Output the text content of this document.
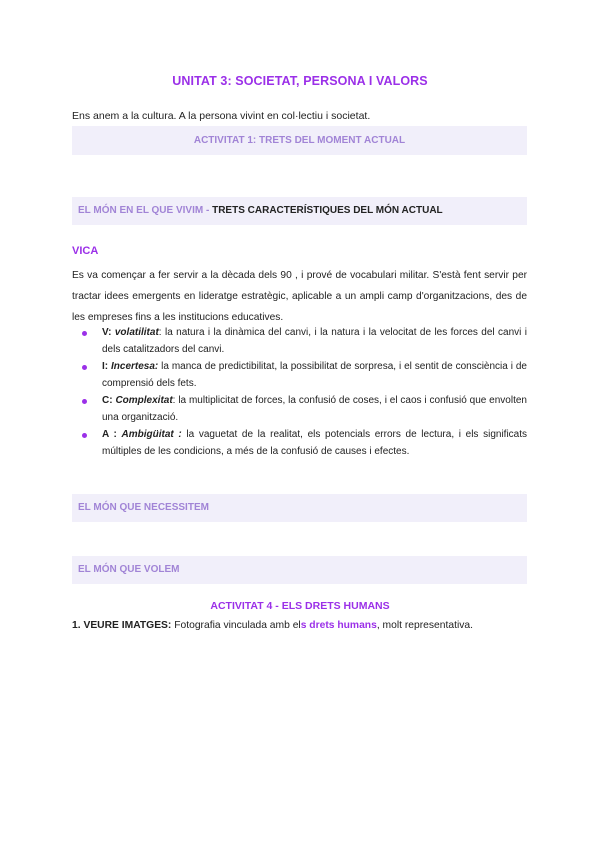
UNITAT 3: SOCIETAT, PERSONA I VALORS
Ens anem a la cultura. A la persona vivint en col·lectiu i societat.
ACTIVITAT 1: TRETS DEL MOMENT ACTUAL
EL MÓN EN EL QUE VIVIM - TRETS CARACTERÍSTIQUES DEL MÓN ACTUAL
VICA
Es va començar a fer servir a la dècada dels 90 , i prové de vocabulari militar. S'està fent servir per tractar idees emergents en lideratge estratègic, aplicable a un ampli camp d'organitzacions, des de les empreses fins a les institucions educatives.
V: volatilitat: la natura i la dinàmica del canvi, i la natura i la velocitat de les forces del canvi i dels catalitzadors del canvi.
I: Incertesa: la manca de predictibilitat, la possibilitat de sorpresa, i el sentit de consciència i de comprensió dels fets.
C: Complexitat: la multiplicitat de forces, la confusió de coses, i el caos i confusió que envolten una organització.
A : Ambigüitat : la vaguetat de la realitat, els potencials errors de lectura, i els significats múltiples de les condicions, a més de la confusió de causes i efectes.
EL MÓN QUE NECESSITEM
EL MÓN QUE VOLEM
ACTIVITAT 4 - ELS DRETS HUMANS
1. VEURE IMATGES: Fotografia vinculada amb els drets humans, molt representativa.
